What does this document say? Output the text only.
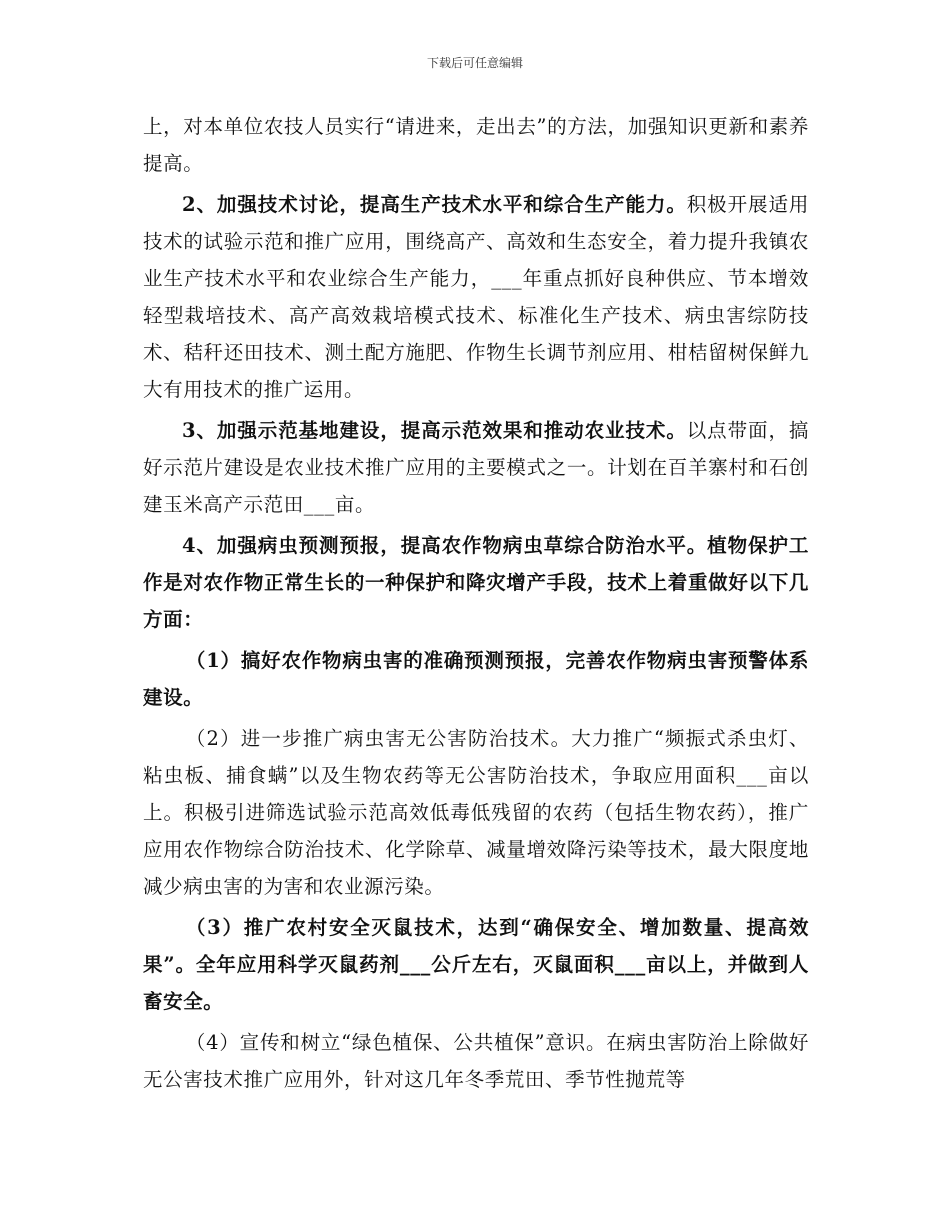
下载后可任意编辑

上，对本单位农技人员实行“请进来，走出去”的方法，加强知识更新和素养提高。

2、加强技术讨论，提高生产技术水平和综合生产能力。积极开展适用技术的试验示范和推广应用，围绕高产、高效和生态安全，着力提升我镇农业生产技术水平和农业综合生产能力，___年重点抓好良种供应、节本增效轻型栽培技术、高产高效栽培模式技术、标准化生产技术、病虫害综防技术、秸秆还田技术、测土配方施肥、作物生长调节剂应用、柑桔留树保鲜九大有用技术的推广运用。

3、加强示范基地建设，提高示范效果和推动农业技术。以点带面，搞好示范片建设是农业技术推广应用的主要模式之一。计划在百羊寨村和石创建玉米高产示范田___亩。

4、加强病虫预测预报，提高农作物病虫草综合防治水平。植物保护工作是对农作物正常生长的一种保护和降灾增产手段，技术上着重做好以下几方面：

（1）搞好农作物病虫害的准确预测预报，完善农作物病虫害预警体系建设。

（2）进一步推广病虫害无公害防治技术。大力推广“频振式杀虫灯、粘虫板、捕食螨”以及生物农药等无公害防治技术，争取应用面积___亩以上。积极引进筛选试验示范高效低毒低残留的农药（包括生物农药），推广应用农作物综合防治技术、化学除草、减量增效降污染等技术，最大限度地减少病虫害的为害和农业源污染。

（3）推广农村安全灭鼠技术，达到“确保安全、增加数量、提高效果”。全年应用科学灭鼠药剂___公斤左右，灭鼠面积___亩以上，并做到人畜安全。

（4）宣传和树立“绿色植保、公共植保”意识。在病虫害防治上除做好无公害技术推广应用外，针对这几年冬季荒田、季节性抛荒等
